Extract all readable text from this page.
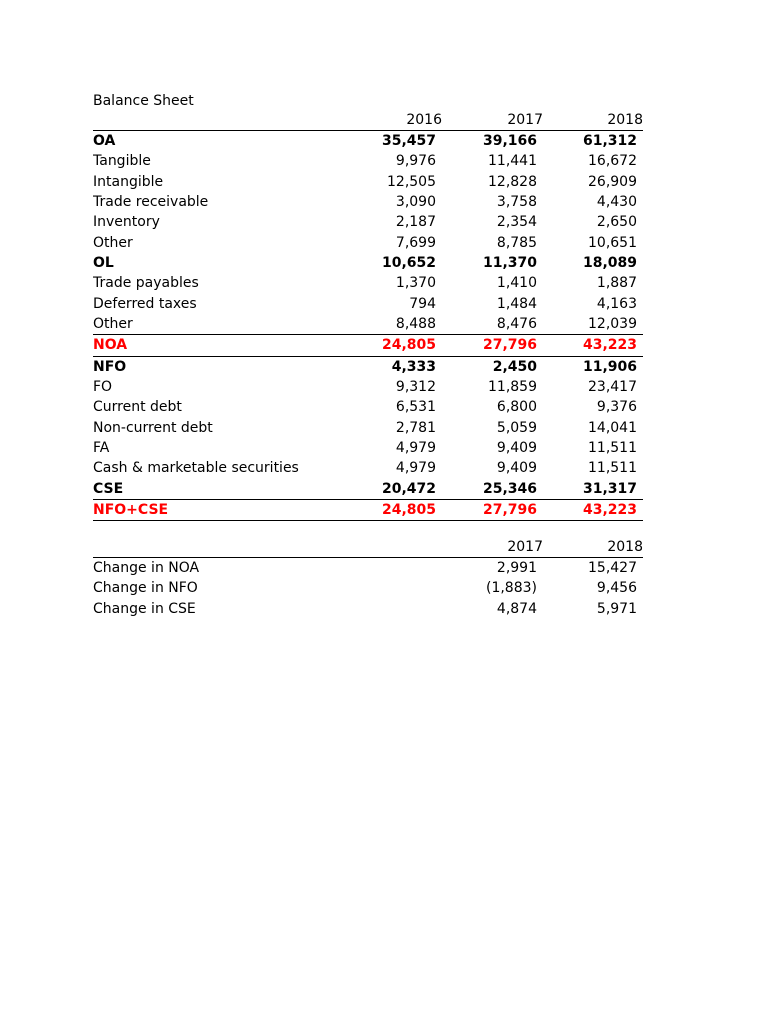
Balance Sheet
	2016	2017	2018
OA	35,457	39,166	61,312
Tangible	9,976	11,441	16,672
Intangible	12,505	12,828	26,909
Trade receivable	3,090	3,758	4,430
Inventory	2,187	2,354	2,650
Other	7,699	8,785	10,651
OL	10,652	11,370	18,089
Trade payables	1,370	1,410	1,887
Deferred taxes	794	1,484	4,163
Other	8,488	8,476	12,039
NOA	24,805	27,796	43,223
NFO	4,333	2,450	11,906
FO	9,312	11,859	23,417
Current debt	6,531	6,800	9,376
Non-current debt	2,781	5,059	14,041
FA	4,979	9,409	11,511
Cash & marketable securities	4,979	9,409	11,511
CSE	20,472	25,346	31,317
NFO+CSE	24,805	27,796	43,223
		2017	2018
Change in NOA		2,991	15,427
Change in NFO		(1,883)	9,456
Change in CSE		4,874	5,971
